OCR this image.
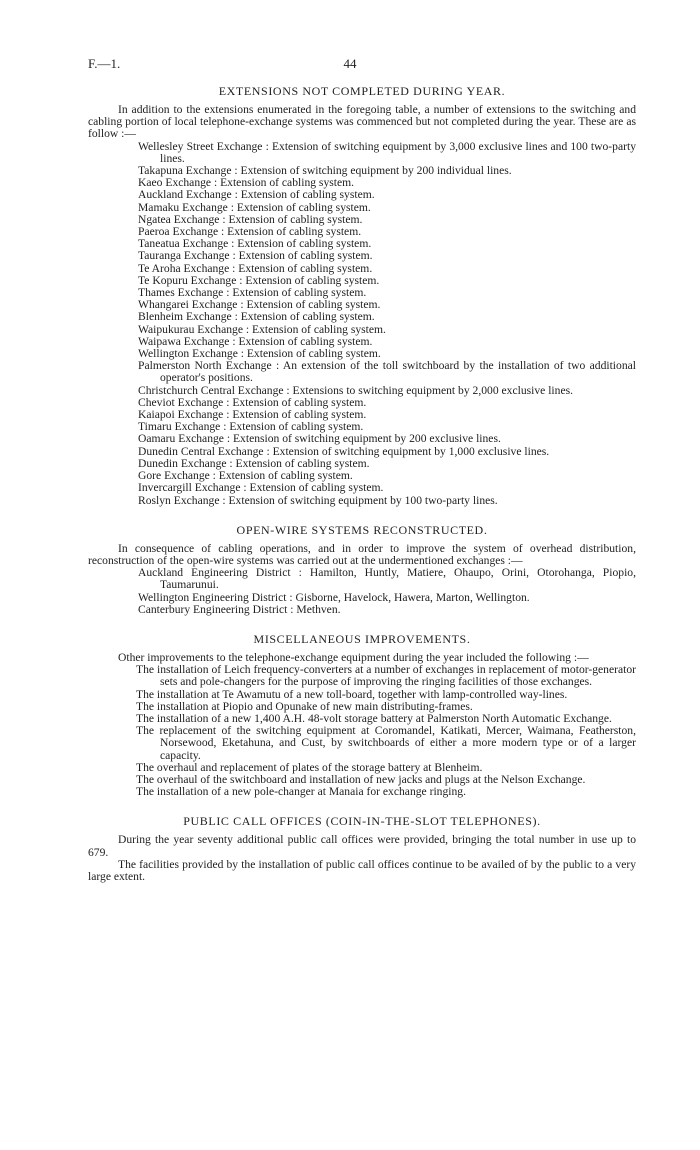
F.—1.	44
EXTENSIONS NOT COMPLETED DURING YEAR.

In addition to the extensions enumerated in the foregoing table, a number of extensions to the switching and cabling portion of local telephone-exchange systems was commenced but not completed during the year. These are as follow :—

Wellesley Street Exchange : Extension of switching equipment by 3,000 exclusive lines and 100 two-party lines.
Takapuna Exchange : Extension of switching equipment by 200 individual lines.
Kaeo Exchange : Extension of cabling system.
Auckland Exchange : Extension of cabling system.
Mamaku Exchange : Extension of cabling system.
Ngatea Exchange : Extension of cabling system.
Paeroa Exchange : Extension of cabling system.
Taneatua Exchange : Extension of cabling system.
Tauranga Exchange : Extension of cabling system.
Te Aroha Exchange : Extension of cabling system.
Te Kopuru Exchange : Extension of cabling system.
Thames Exchange : Extension of cabling system.
Whangarei Exchange : Extension of cabling system.
Blenheim Exchange : Extension of cabling system.
Waipukurau Exchange : Extension of cabling system.
Waipawa Exchange : Extension of cabling system.
Wellington Exchange : Extension of cabling system.
Palmerston North Exchange : An extension of the toll switchboard by the installation of two additional operator's positions.
Christchurch Central Exchange : Extensions to switching equipment by 2,000 exclusive lines.
Cheviot Exchange : Extension of cabling system.
Kaiapoi Exchange : Extension of cabling system.
Timaru Exchange : Extension of cabling system.
Oamaru Exchange : Extension of switching equipment by 200 exclusive lines.
Dunedin Central Exchange : Extension of switching equipment by 1,000 exclusive lines.
Dunedin Exchange : Extension of cabling system.
Gore Exchange : Extension of cabling system.
Invercargill Exchange : Extension of cabling system.
Roslyn Exchange : Extension of switching equipment by 100 two-party lines.
OPEN-WIRE SYSTEMS RECONSTRUCTED.

In consequence of cabling operations, and in order to improve the system of overhead distribution, reconstruction of the open-wire systems was carried out at the undermentioned exchanges :—

Auckland Engineering District : Hamilton, Huntly, Matiere, Ohaupo, Orini, Otorohanga, Piopio, Taumarunui.
Wellington Engineering District : Gisborne, Havelock, Hawera, Marton, Wellington.
Canterbury Engineering District : Methven.
MISCELLANEOUS IMPROVEMENTS.

Other improvements to the telephone-exchange equipment during the year included the following :—

The installation of Leich frequency-converters at a number of exchanges in replacement of motor-generator sets and pole-changers for the purpose of improving the ringing facilities of those exchanges.
The installation at Te Awamutu of a new toll-board, together with lamp-controlled way-lines.
The installation at Piopio and Opunake of new main distributing-frames.
The installation of a new 1,400 A.H. 48-volt storage battery at Palmerston North Automatic Exchange.
The replacement of the switching equipment at Coromandel, Katikati, Mercer, Waimana, Featherston, Norsewood, Eketahuna, and Cust, by switchboards of either a more modern type or of a larger capacity.
The overhaul and replacement of plates of the storage battery at Blenheim.
The overhaul of the switchboard and installation of new jacks and plugs at the Nelson Exchange.
The installation of a new pole-changer at Manaia for exchange ringing.
PUBLIC CALL OFFICES (COIN-IN-THE-SLOT TELEPHONES).

During the year seventy additional public call offices were provided, bringing the total number in use up to 679.

The facilities provided by the installation of public call offices continue to be availed of by the public to a very large extent.
